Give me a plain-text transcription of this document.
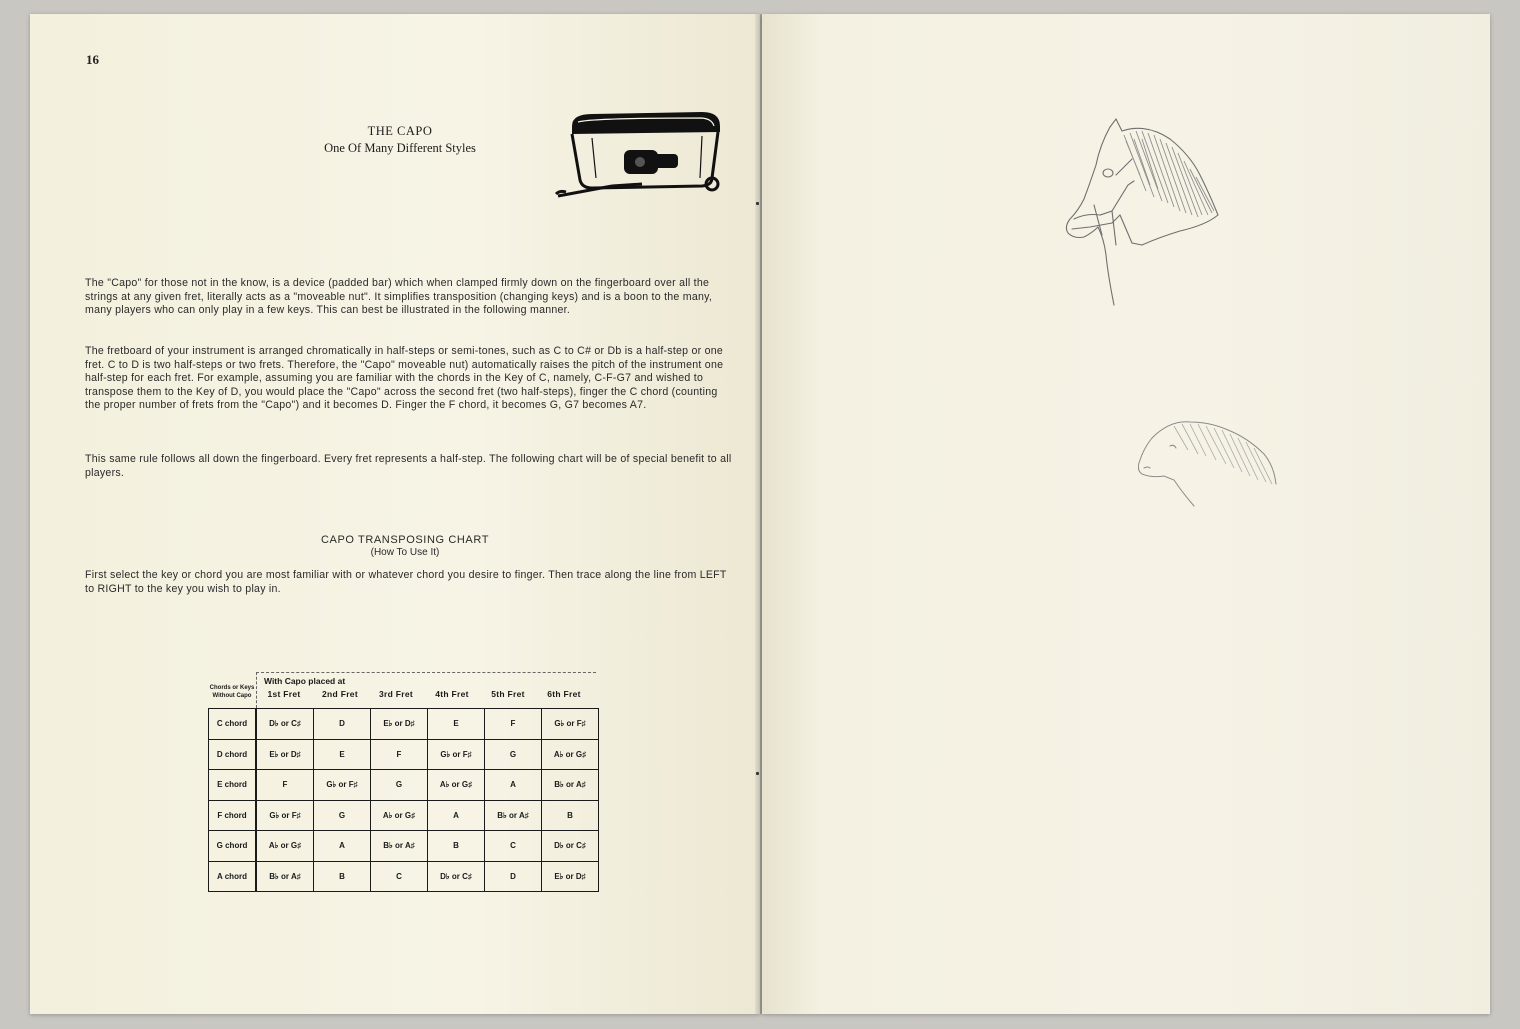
16
THE CAPO
One Of Many Different Styles

The "Capo" for those not in the know, is a device (padded bar) which when clamped firmly down on the fingerboard over all the strings at any given fret, literally acts as a "moveable nut". It simplifies transposition (changing keys) and is a boon to the many, many players who can only play in a few keys. This can best be illustrated in the following manner.

The fretboard of your instrument is arranged chromatically in half-steps or semi-tones, such as C to C# or Db is a half-step or one fret. C to D is two half-steps or two frets. Therefore, the "Capo" moveable nut) automatically raises the pitch of the instrument one half-step for each fret. For example, assuming you are familiar with the chords in the Key of C, namely, C-F-G7 and wished to transpose them to the Key of D, you would place the "Capo" across the second fret (two half-steps), finger the C chord (counting the proper number of frets from the "Capo") and it becomes D. Finger the F chord, it becomes G, G7 becomes A7.

This same rule follows all down the fingerboard. Every fret represents a half-step. The following chart will be of special benefit to all players.

CAPO TRANSPOSING CHART
(How To Use It)

First select the key or chord you are most familiar with or whatever chord you desire to finger. Then trace along the line from LEFT to RIGHT to the key you wish to play in.

Chords or Keys
Without Capo
With Capo placed at
1st Fret	2nd Fret	3rd Fret	4th Fret	5th Fret	6th Fret
C chord	D♭ or C♯	D	E♭ or D♯	E	F	G♭ or F♯
D chord	E♭ or D♯	E	F	G♭ or F♯	G	A♭ or G♯
E chord	F	G♭ or F♯	G	A♭ or G♯	A	B♭ or A♯
F chord	G♭ or F♯	G	A♭ or G♯	A	B♭ or A♯	B
G chord	A♭ or G♯	A	B♭ or A♯	B	C	D♭ or C♯
A chord	B♭ or A♯	B	C	D♭ or C♯	D	E♭ or D♯
